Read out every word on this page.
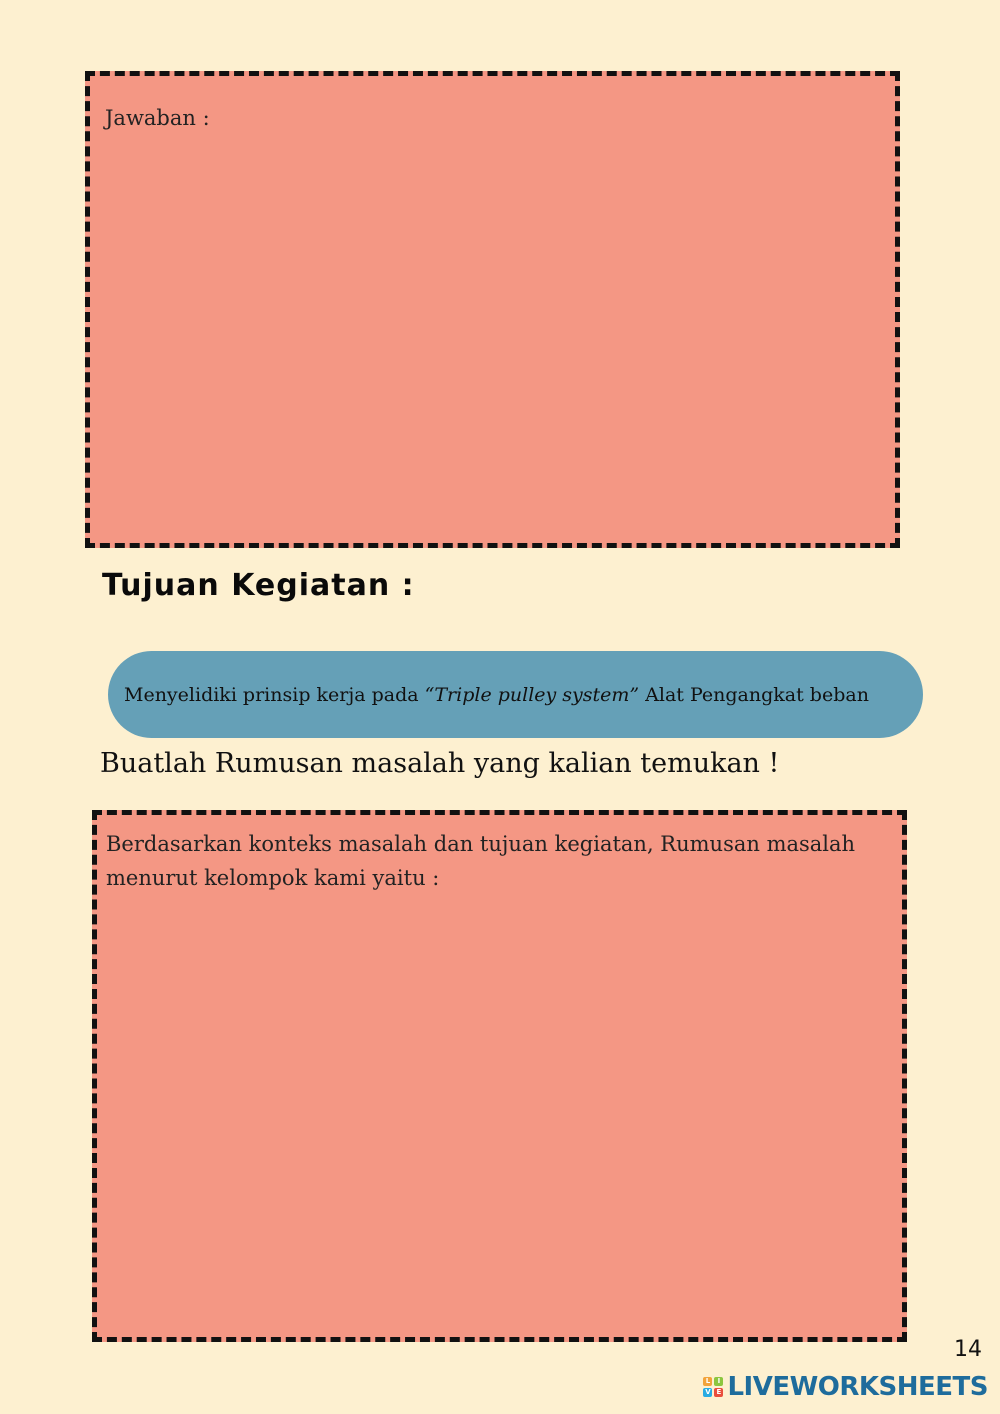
Jawaban :
Tujuan Kegiatan :
Menyelidiki prinsip kerja pada “Triple pulley system” Alat Pengangkat beban
Buatlah Rumusan masalah yang kalian temukan !
Berdasarkan konteks masalah dan tujuan kegiatan, Rumusan masalah menurut kelompok kami yaitu :
14
L	I
V E LIVEWORKSHEETS
